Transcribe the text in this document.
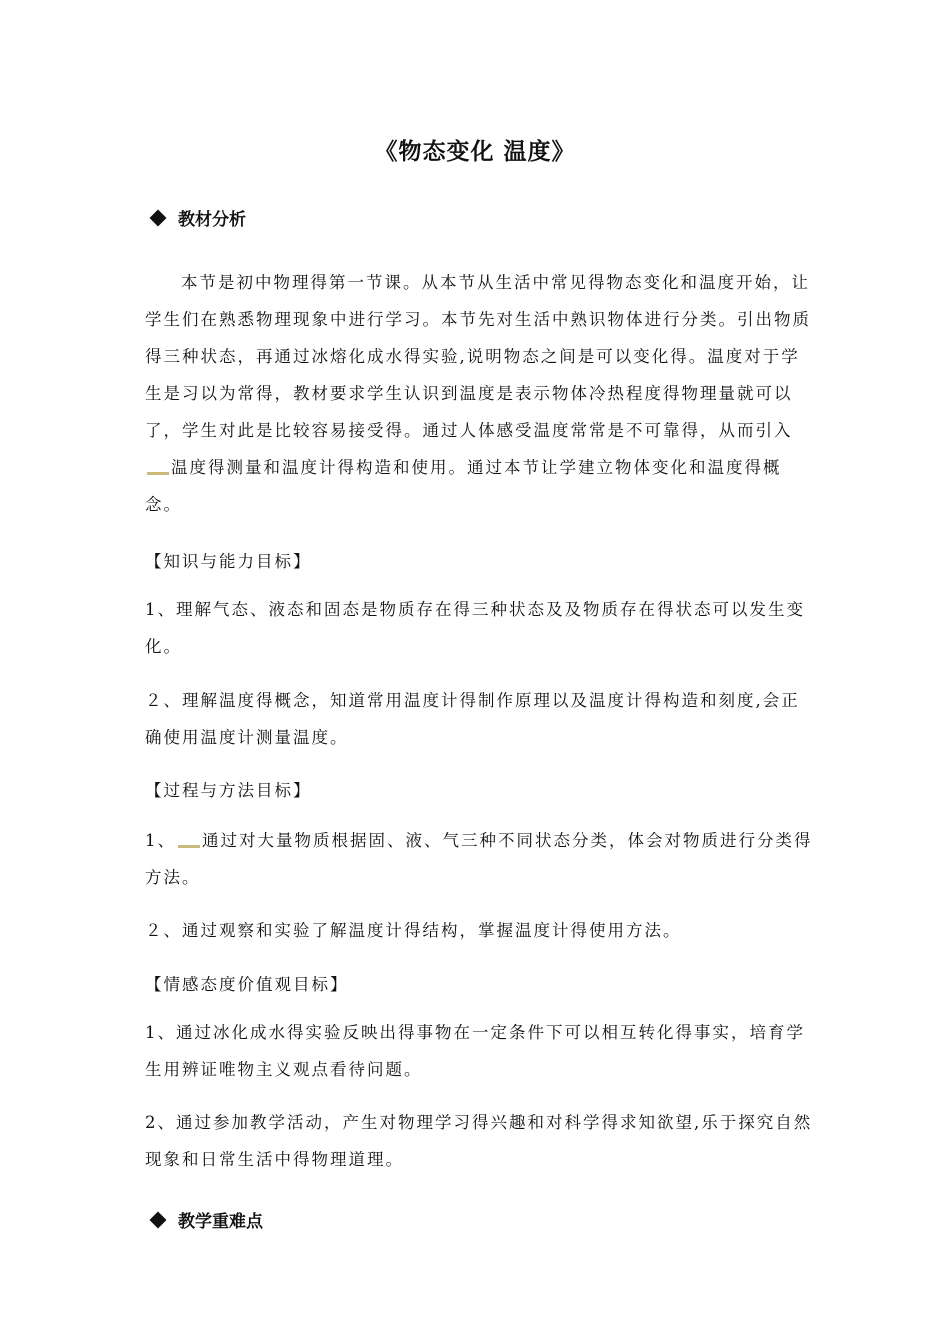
《物态变化 温度》
教材分析
本节是初中物理得第一节课。从本节从生活中常见得物态变化和温度开始，让学生们在熟悉物理现象中进行学习。本节先对生活中熟识物体进行分类。引出物质得三种状态，再通过冰熔化成水得实验,说明物态之间是可以变化得。温度对于学生是习以为常得，教材要求学生认识到温度是表示物体冷热程度得物理量就可以了，学生对此是比较容易接受得。通过人体感受温度常常是不可靠得，从而引入温度得测量和温度计得构造和使用。通过本节让学建立物体变化和温度得概念。
【知识与能力目标】
1、理解气态、液态和固态是物质存在得三种状态及及物质存在得状态可以发生变化。
２、理解温度得概念，知道常用温度计得制作原理以及温度计得构造和刻度,会正确使用温度计测量温度。
【过程与方法目标】
1、 通过对大量物质根据固、液、气三种不同状态分类，体会对物质进行分类得方法。
２、通过观察和实验了解温度计得结构，掌握温度计得使用方法。
【情感态度价值观目标】
1、通过冰化成水得实验反映出得事物在一定条件下可以相互转化得事实，培育学生用辨证唯物主义观点看待问题。
2、通过参加教学活动，产生对物理学习得兴趣和对科学得求知欲望,乐于探究自然现象和日常生活中得物理道理。
教学重难点
